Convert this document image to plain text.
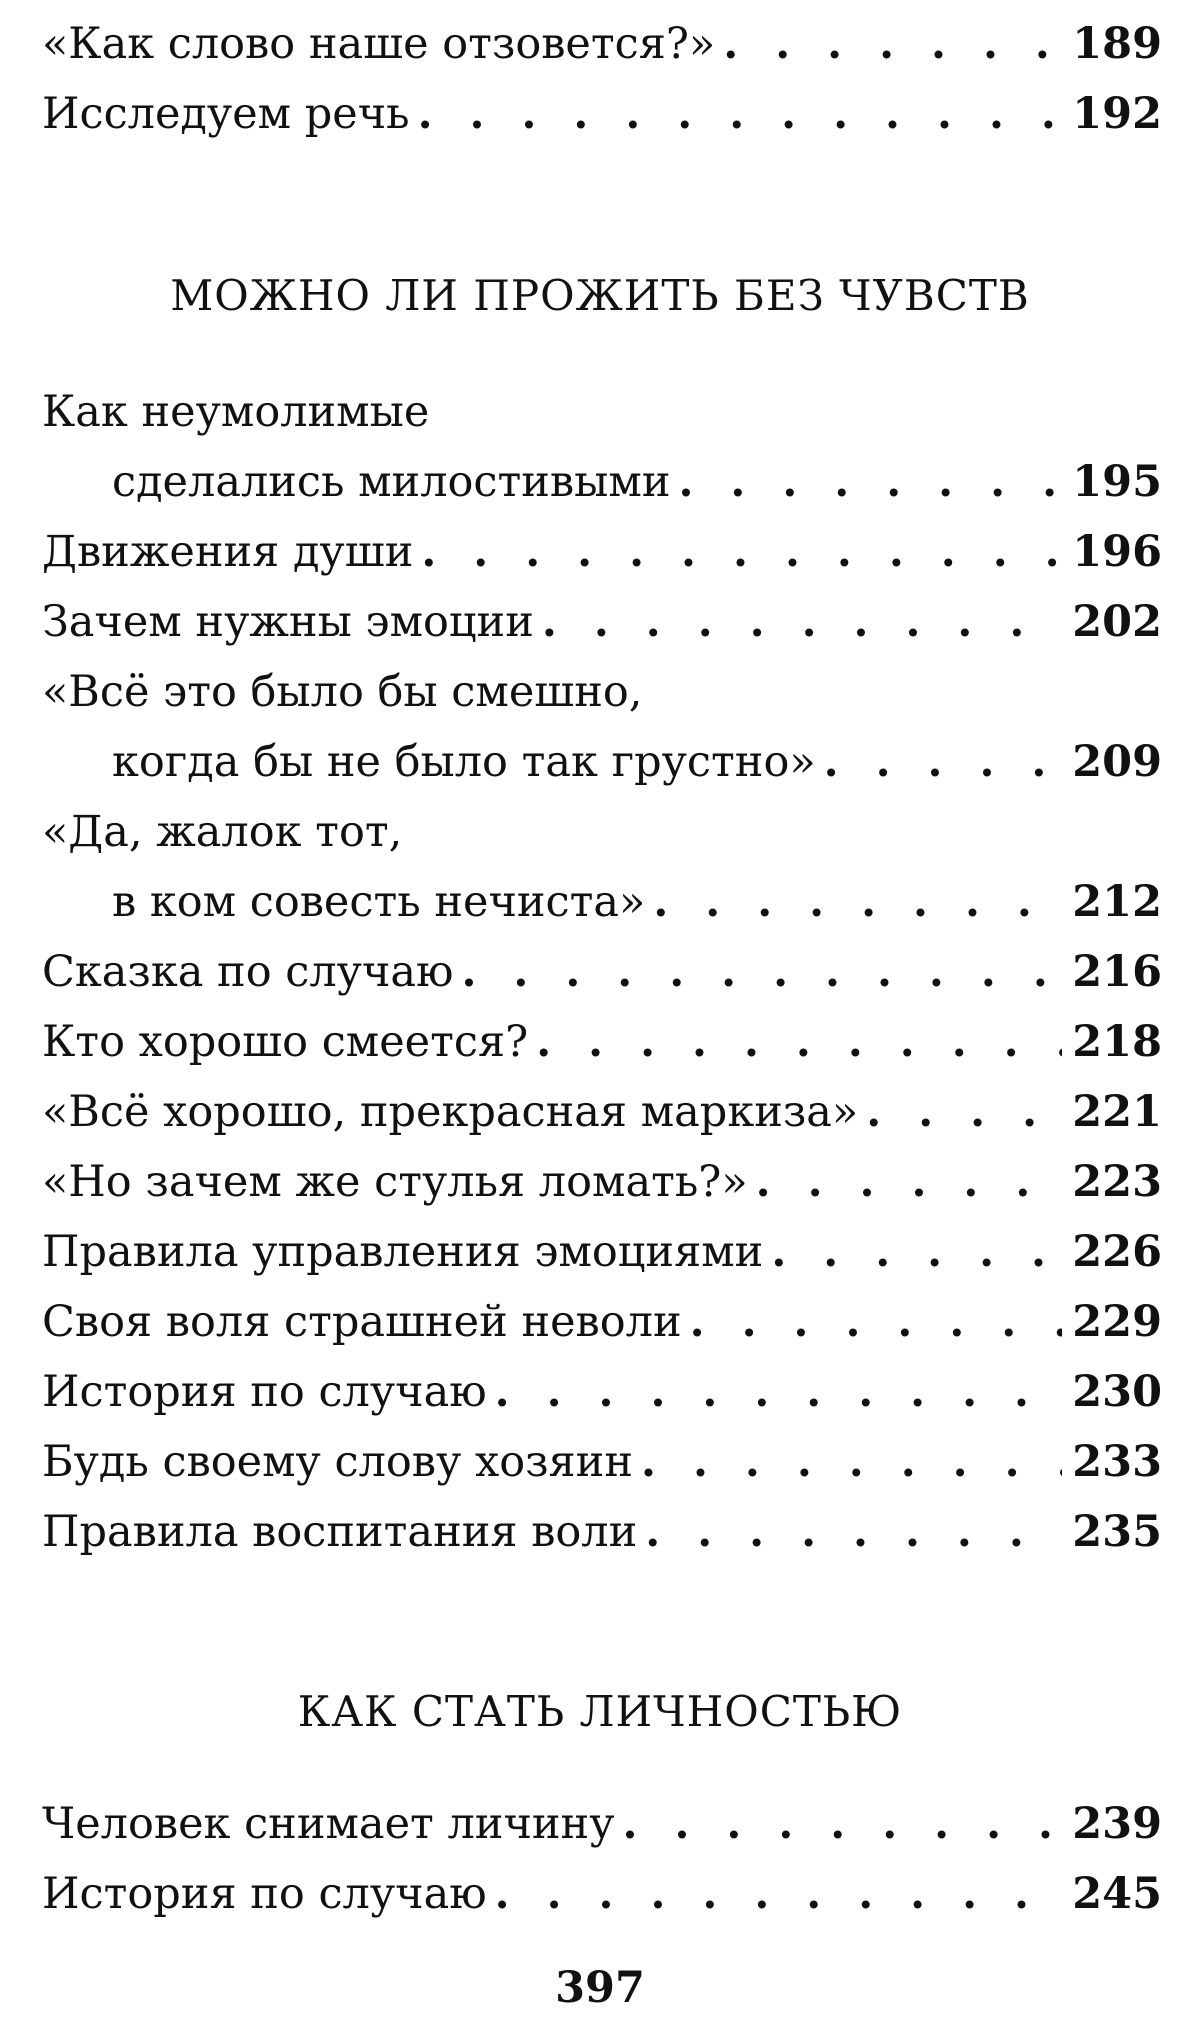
«Как слово наше отзовется?» . . .	189
Исследуем речь . . .	192
МОЖНО ЛИ ПРОЖИТЬ БЕЗ ЧУВСТВ
Как неумолимые
сделались милостивыми . . .	195
Движения души . . .	196
Зачем нужны эмоции . . .	202
«Всё это было бы смешно,
когда бы не было так грустно» . . .	209
«Да, жалок тот,
в ком совесть нечиста» . . .	212
Сказка по случаю . . .	216
Кто хорошо смеется? . . .	218
«Всё хорошо, прекрасная маркиза» . . .	221
«Но зачем же стулья ломать?» . . .	223
Правила управления эмоциями . . .	226
Своя воля страшней неволи . . .	229
История по случаю . . .	230
Будь своему слову хозяин . . .	233
Правила воспитания воли . . .	235
КАК СТАТЬ ЛИЧНОСТЬЮ
Человек снимает личину . . .	239
История по случаю . . .	245
397
